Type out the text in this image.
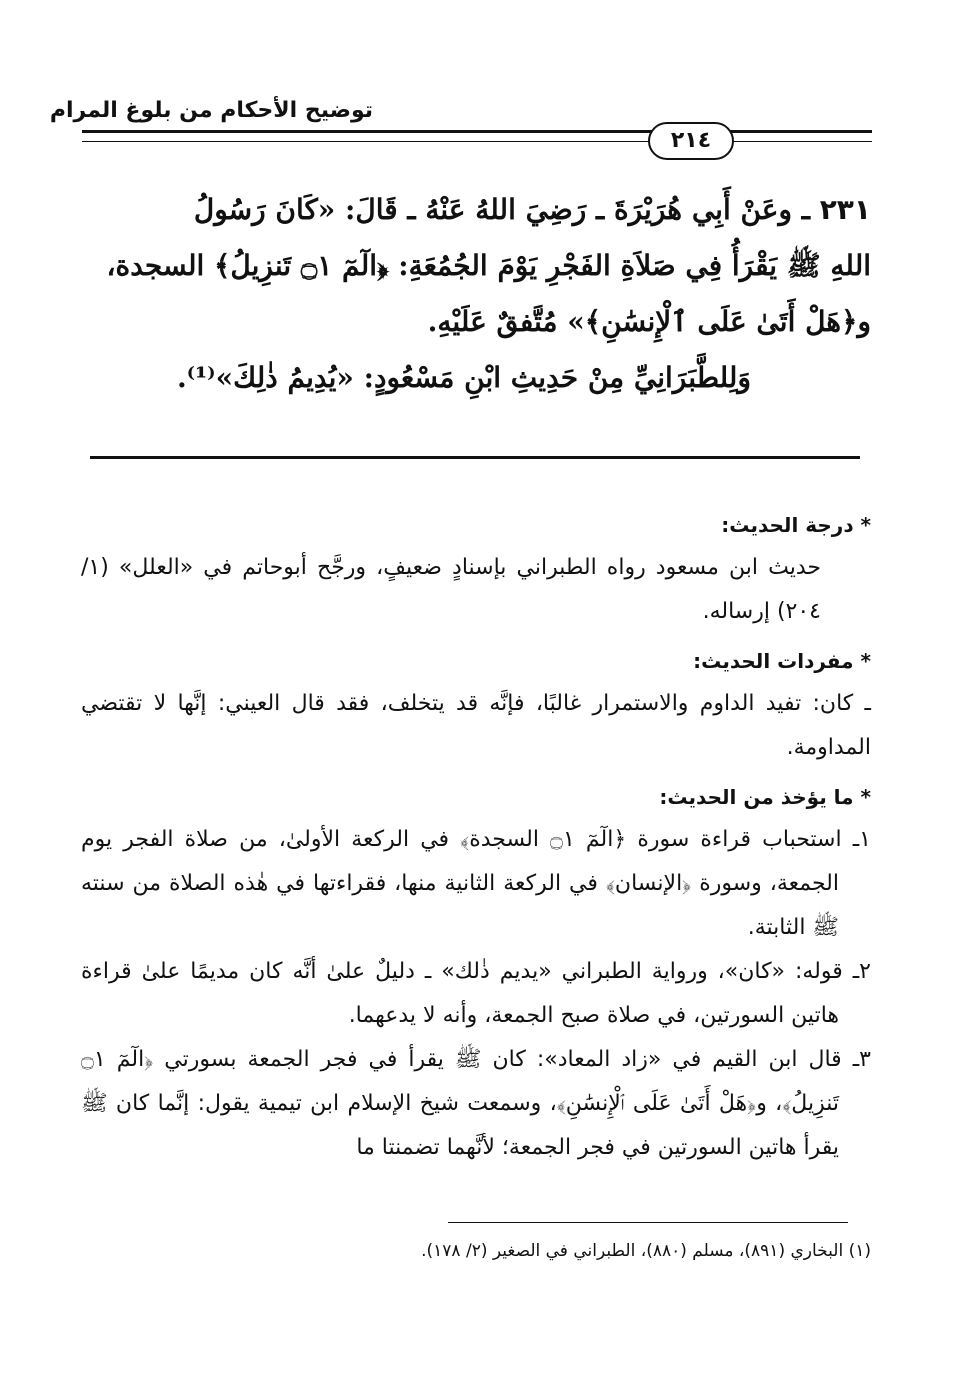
توضيح الأحكام من بلوغ المرام
٢١٤

٢٣١ ـ وعَنْ أَبِي هُرَيْرَةَ ـ رَضِيَ اللهُ عَنْهُ ـ قَالَ: «كَانَ رَسُولُ

اللهِ ﷺ يَقْرَأُ فِي صَلاَةِ الفَجْرِ يَوْمَ الجُمُعَةِ: ﴿الٓمٓ ۝١ تَنزِيلُ﴾ السجدة،

و﴿هَلْ أَتَىٰ عَلَى ٱلْإِنسَٰنِ﴾» مُتَّفقٌ عَلَيْهِ.

وَلِلطَّبَرَانِيِّ مِنْ حَدِيثِ ابْنِ مَسْعُودٍ: «يُدِيمُ ذٰلِكَ»⁽¹⁾.

* درجة الحديث:

حديث ابن مسعود رواه الطبراني بإسنادٍ ضعيفٍ، ورجَّح أبوحاتم في «العلل» (١/ ٢٠٤) إرساله.

* مفردات الحديث:

ـ كان: تفيد الداوم والاستمرار غالبًا، فإنَّه قد يتخلف، فقد قال العيني: إنَّها لا تقتضي المداومة.

* ما يؤخذ من الحديث:

١ـ استحباب قراءة سورة ﴿الٓمٓ ۝١ السجدة﴾ في الركعة الأولىٰ، من صلاة الفجر يوم الجمعة، وسورة ﴿الإنسان﴾ في الركعة الثانية منها، فقراءتها في هٰذه الصلاة من سنته ﷺ الثابتة.

٢ـ قوله: «كان»، ورواية الطبراني «يديم ذٰلك» ـ دليلٌ علىٰ أنَّه كان مديمًا علىٰ قراءة هاتين السورتين، في صلاة صبح الجمعة، وأنه لا يدعهما.

٣ـ قال ابن القيم في «زاد المعاد»: كان ﷺ يقرأ في فجر الجمعة بسورتي ﴿الٓمٓ ۝١ تَنزِيلُ﴾، و﴿هَلْ أَتَىٰ عَلَى ٱلْإِنسَٰنِ﴾، وسمعت شيخ الإسلام ابن تيمية يقول: إنَّما كان ﷺ يقرأ هاتين السورتين في فجر الجمعة؛ لأنَّهما تضمنتا ما

(١) البخاري (٨٩١)، مسلم (٨٨٠)، الطبراني في الصغير (٢/ ١٧٨).
